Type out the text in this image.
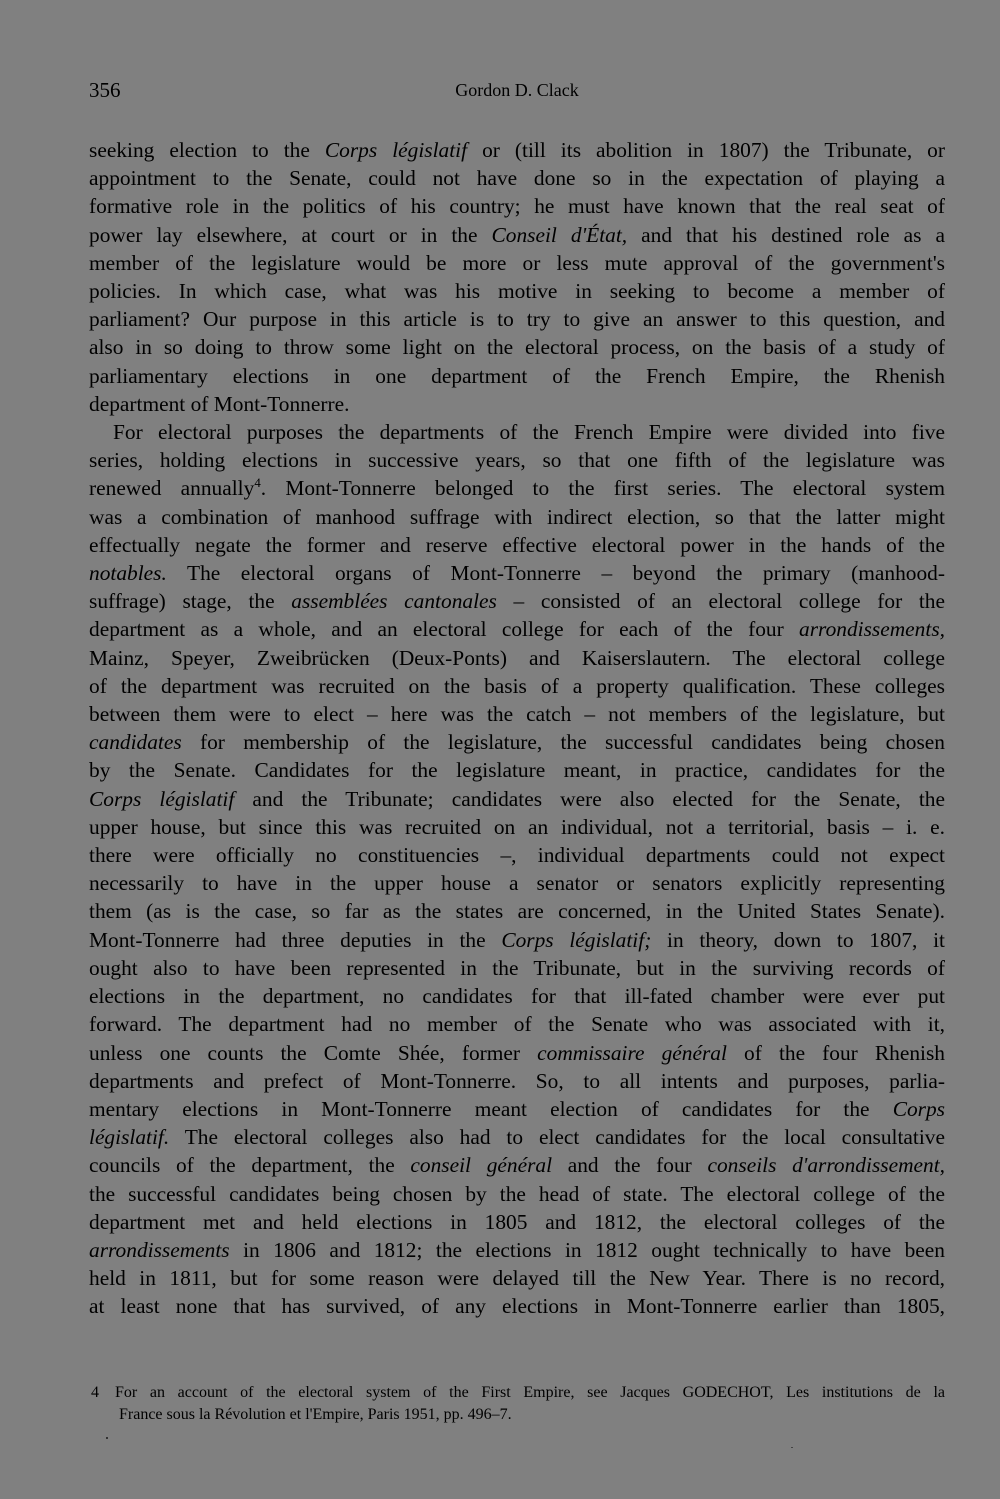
356	Gordon D. Clack
seeking election to the Corps législatif or (till its abolition in 1807) the Tribunate, or
appointment to the Senate, could not have done so in the expectation of playing a
formative role in the politics of his country; he must have known that the real seat of
power lay elsewhere, at court or in the Conseil d'État, and that his destined role as a
member of the legislature would be more or less mute approval of the government's
policies. In which case, what was his motive in seeking to become a member of
parliament? Our purpose in this article is to try to give an answer to this question, and
also in so doing to throw some light on the electoral process, on the basis of a study of
parliamentary elections in one department of the French Empire, the Rhenish
department of Mont-Tonnerre.
For electoral purposes the departments of the French Empire were divided into five
series, holding elections in successive years, so that one fifth of the legislature was
renewed annually$^4$. Mont-Tonnerre belonged to the first series. The electoral system
was a combination of manhood suffrage with indirect election, so that the latter might
effectually negate the former and reserve effective electoral power in the hands of the
notables. The electoral organs of Mont-Tonnerre – beyond the primary (manhood-
suffrage) stage, the assemblées cantonales – consisted of an electoral college for the
department as a whole, and an electoral college for each of the four arrondissements,
Mainz, Speyer, Zweibrücken (Deux-Ponts) and Kaiserslautern. The electoral college
of the department was recruited on the basis of a property qualification. These colleges
between them were to elect – here was the catch – not members of the legislature, but
candidates for membership of the legislature, the successful candidates being chosen
by the Senate. Candidates for the legislature meant, in practice, candidates for the
Corps législatif and the Tribunate; candidates were also elected for the Senate, the
upper house, but since this was recruited on an individual, not a territorial, basis – i. e.
there were officially no constituencies –, individual departments could not expect
necessarily to have in the upper house a senator or senators explicitly representing
them (as is the case, so far as the states are concerned, in the United States Senate).
Mont-Tonnerre had three deputies in the Corps législatif; in theory, down to 1807, it
ought also to have been represented in the Tribunate, but in the surviving records of
elections in the department, no candidates for that ill-fated chamber were ever put
forward. The department had no member of the Senate who was associated with it,
unless one counts the Comte Shée, former commissaire général of the four Rhenish
departments and prefect of Mont-Tonnerre. So, to all intents and purposes, parlia-
mentary elections in Mont-Tonnerre meant election of candidates for the Corps
législatif. The electoral colleges also had to elect candidates for the local consultative
councils of the department, the conseil général and the four conseils d'arrondissement,
the successful candidates being chosen by the head of state. The electoral college of the
department met and held elections in 1805 and 1812, the electoral colleges of the
arrondissements in 1806 and 1812; the elections in 1812 ought technically to have been
held in 1811, but for some reason were delayed till the New Year. There is no record,
at least none that has survived, of any elections in Mont-Tonnerre earlier than 1805,
4 For an account of the electoral system of the First Empire, see Jacques GODECHOT, Les institutions de la
France sous la Révolution et l'Empire, Paris 1951, pp. 496–7.
